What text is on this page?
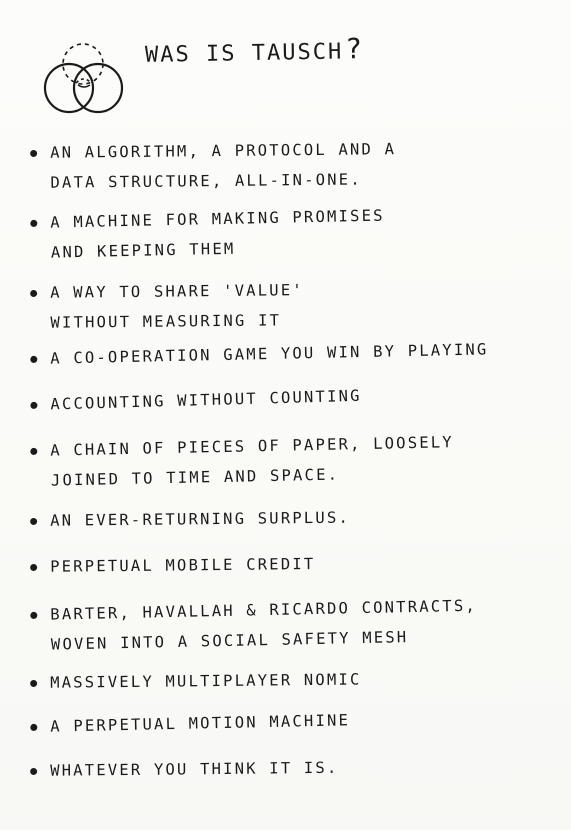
WAS IS TAUSCH?
AN ALGORITHM, A PROTOCOL AND A
DATA STRUCTURE, ALL-IN-ONE.
A MACHINE FOR MAKING PROMISES
AND KEEPING THEM
A WAY TO SHARE 'VALUE'
WITHOUT MEASURING IT
A CO-OPERATION GAME YOU WIN BY PLAYING
ACCOUNTING WITHOUT COUNTING
A CHAIN OF PIECES OF PAPER, LOOSELY
JOINED TO TIME AND SPACE.
AN EVER-RETURNING SURPLUS.
PERPETUAL MOBILE CREDIT
BARTER, HAVALLAH & RICARDO CONTRACTS,
WOVEN INTO A SOCIAL SAFETY MESH
MASSIVELY MULTIPLAYER NOMIC
A PERPETUAL MOTION MACHINE
WHATEVER YOU THINK IT IS.
